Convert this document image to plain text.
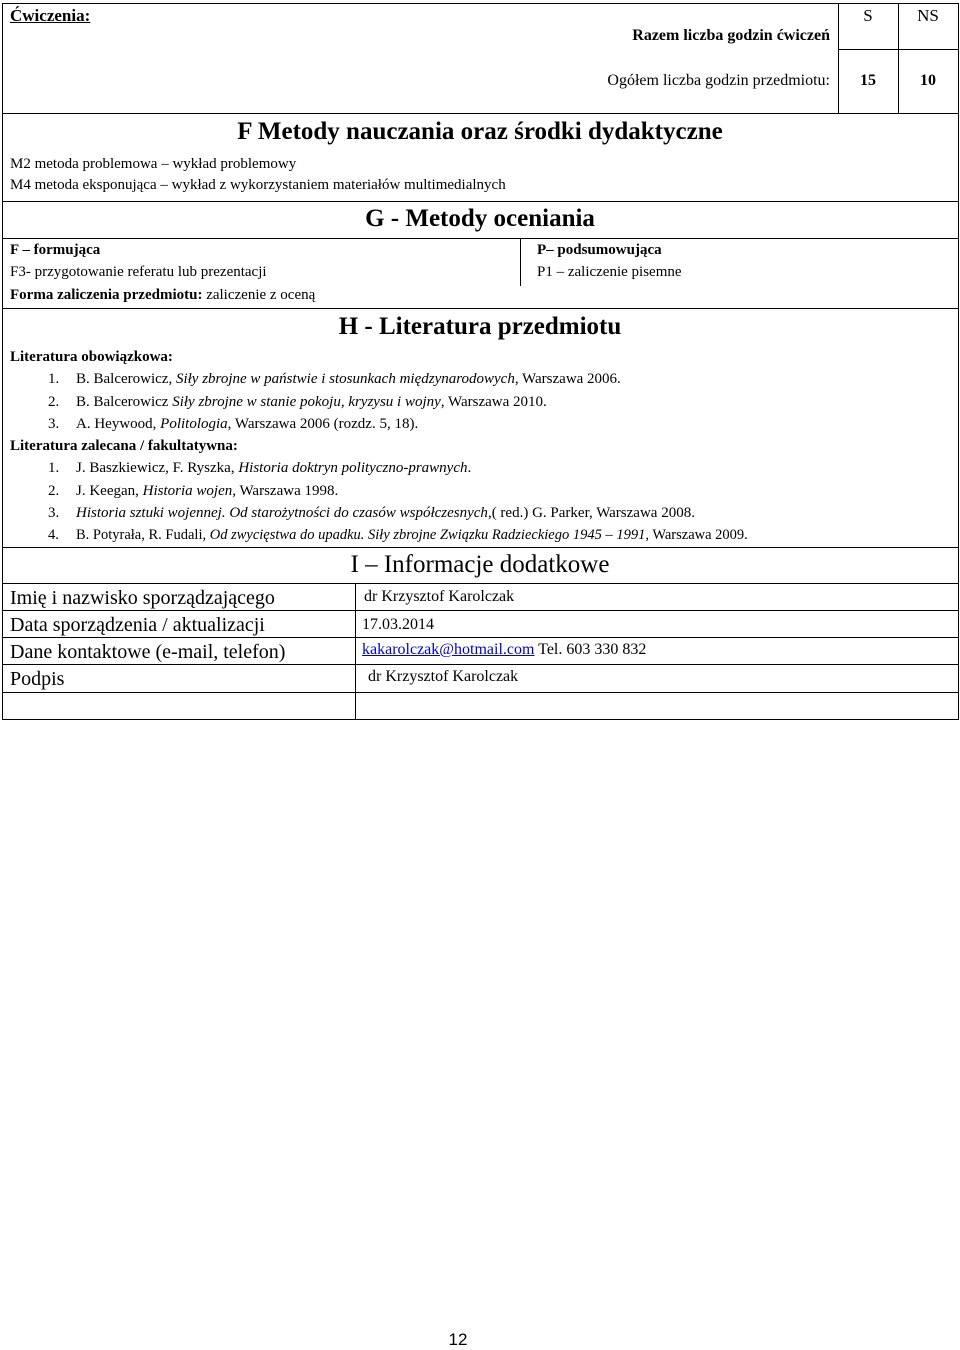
Ćwiczenia:
Razem liczba godzin ćwiczeń
S	NS
Ogółem liczba godzin przedmiotu:	15	10
F Metody nauczania oraz środki dydaktyczne
M2 metoda problemowa – wykład problemowy
M4 metoda eksponująca – wykład z wykorzystaniem materiałów multimedialnych
G - Metody oceniania
F – formująca
F3- przygotowanie referatu lub prezentacji
P– podsumowująca
P1 – zaliczenie pisemne
Forma zaliczenia przedmiotu: zaliczenie z oceną
H - Literatura przedmiotu
Literatura obowiązkowa:
1. B. Balcerowicz, Siły zbrojne w państwie i stosunkach międzynarodowych, Warszawa 2006.
2. B. Balcerowicz Siły zbrojne w stanie pokoju, kryzysu i wojny, Warszawa 2010.
3. A. Heywood, Politologia, Warszawa 2006 (rozdz. 5, 18).
Literatura zalecana / fakultatywna:
1. J. Baszkiewicz, F. Ryszka, Historia doktryn polityczno-prawnych.
2. J. Keegan, Historia wojen, Warszawa 1998.
3. Historia sztuki wojennej. Od starożytności do czasów współczesnych,( red.) G. Parker, Warszawa 2008.
4. B. Potyrała, R. Fudali, Od zwycięstwa do upadku. Siły zbrojne Związku Radzieckiego 1945 – 1991, Warszawa 2009.
I – Informacje dodatkowe
Imię i nazwisko sporządzającego	dr Krzysztof Karolczak
Data sporządzenia / aktualizacji	17.03.2014
Dane kontaktowe (e-mail, telefon)	kakarolczak@hotmail.com Tel. 603 330 832
Podpis	dr Krzysztof Karolczak
12
